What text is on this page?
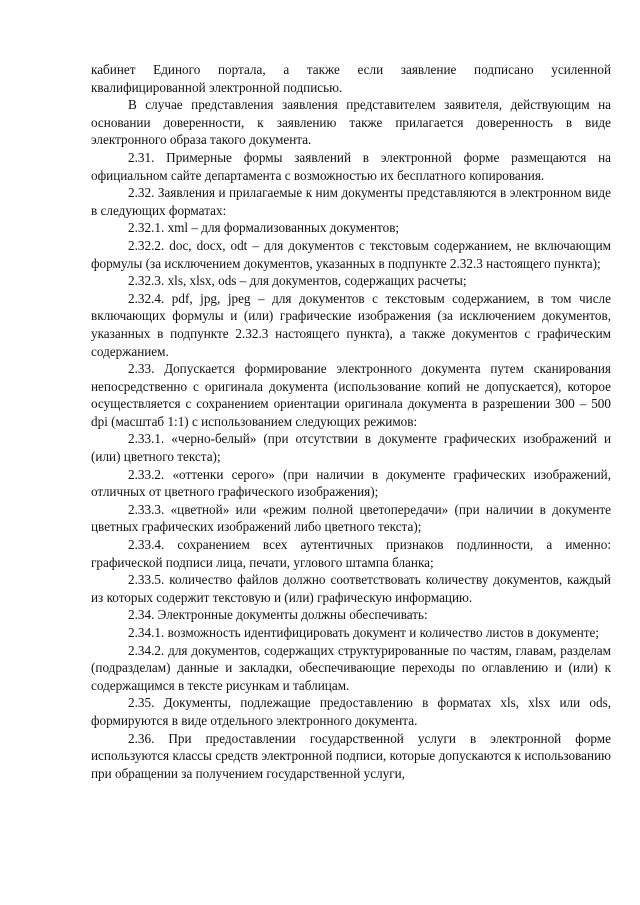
кабинет Единого портала, а также если заявление подписано усиленной квалифицированной электронной подписью.

В случае представления заявления представителем заявителя, действующим на основании доверенности, к заявлению также прилагается доверенность в виде электронного образа такого документа.

2.31. Примерные формы заявлений в электронной форме размещаются на официальном сайте департамента с возможностью их бесплатного копирования.

2.32. Заявления и прилагаемые к ним документы представляются в электронном виде в следующих форматах:

2.32.1. xml – для формализованных документов;

2.32.2. doc, docx, odt – для документов с текстовым содержанием, не включающим формулы (за исключением документов, указанных в подпункте 2.32.3 настоящего пункта);

2.32.3. xls, xlsx, ods – для документов, содержащих расчеты;

2.32.4. pdf, jpg, jpeg – для документов с текстовым содержанием, в том числе включающих формулы и (или) графические изображения (за исключением документов, указанных в подпункте 2.32.3 настоящего пункта), а также документов с графическим содержанием.

2.33. Допускается формирование электронного документа путем сканирования непосредственно с оригинала документа (использование копий не допускается), которое осуществляется с сохранением ориентации оригинала документа в разрешении 300 – 500 dpi (масштаб 1:1) с использованием следующих режимов:

2.33.1. «черно-белый» (при отсутствии в документе графических изображений и (или) цветного текста);

2.33.2. «оттенки серого» (при наличии в документе графических изображений, отличных от цветного графического изображения);

2.33.3. «цветной» или «режим полной цветопередачи» (при наличии в документе цветных графических изображений либо цветного текста);

2.33.4. сохранением всех аутентичных признаков подлинности, а именно: графической подписи лица, печати, углового штампа бланка;

2.33.5. количество файлов должно соответствовать количеству документов, каждый из которых содержит текстовую и (или) графическую информацию.

2.34. Электронные документы должны обеспечивать:

2.34.1. возможность идентифицировать документ и количество листов в документе;

2.34.2. для документов, содержащих структурированные по частям, главам, разделам (подразделам) данные и закладки, обеспечивающие переходы по оглавлению и (или) к содержащимся в тексте рисункам и таблицам.

2.35. Документы, подлежащие предоставлению в форматах xls, xlsx или ods, формируются в виде отдельного электронного документа.

2.36. При предоставлении государственной услуги в электронной форме используются классы средств электронной подписи, которые допускаются к использованию при обращении за получением государственной услуги,
